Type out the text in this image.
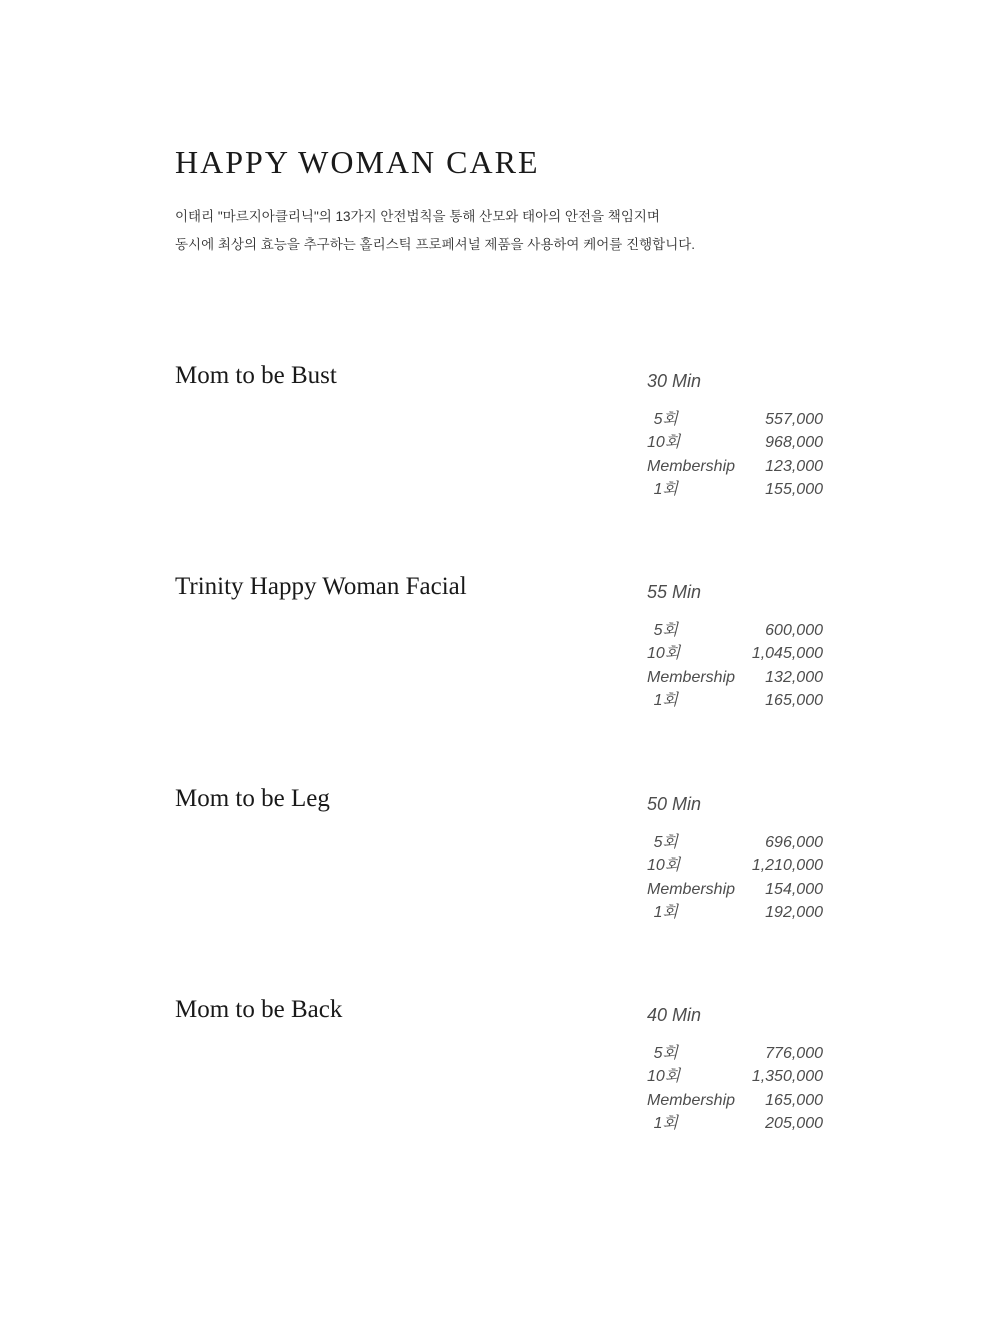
HAPPY WOMAN CARE
이태리 "마르지아클리닉"의 13가지 안전법칙을 통해 산모와 태아의 안전을 책임지며
동시에 최상의 효능을 추구하는 홀리스틱 프로페셔널 제품을 사용하여 케어를 진행합니다.
Mom to be Bust	30 Min
5회	557,000
10회	968,000
Membership	123,000
1회	155,000
Trinity Happy Woman Facial	55 Min
5회	600,000
10회	1,045,000
Membership	132,000
1회	165,000
Mom to be Leg	50 Min
5회	696,000
10회	1,210,000
Membership	154,000
1회	192,000
Mom to be Back	40 Min
5회	776,000
10회	1,350,000
Membership	165,000
1회	205,000
